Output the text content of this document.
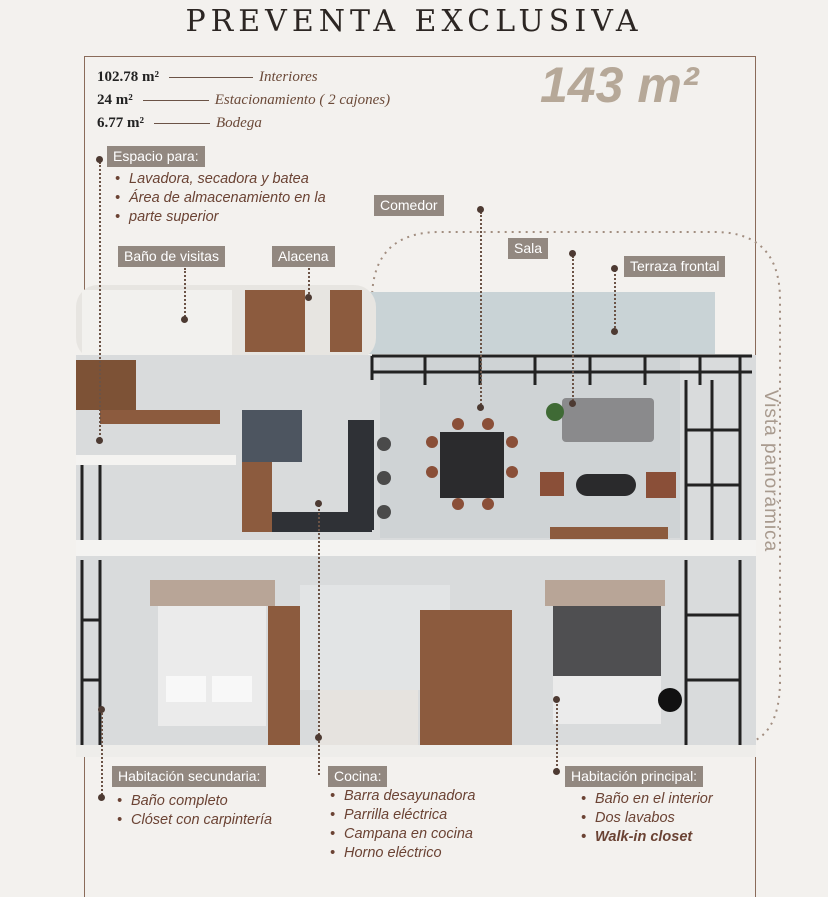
PREVENTA EXCLUSIVA
102.78 m²	Interiores
24 m²	Estacionamiento ( 2 cajones)
6.77 m²	Bodega
143 m²
Espacio para:
• Lavadora, secadora y batea
• Área de almacenamiento en la
• parte superior
Baño de visitas	Alacena
Comedor
Sala
Terraza frontal
Vista panorámica
Habitación secundaria:
• Baño completo
• Clóset con carpintería
Cocina:
• Barra desayunadora
• Parrilla eléctrica
• Campana en cocina
• Horno eléctrico
Habitación principal:
• Baño en el interior
• Dos lavabos
• Walk-in closet
